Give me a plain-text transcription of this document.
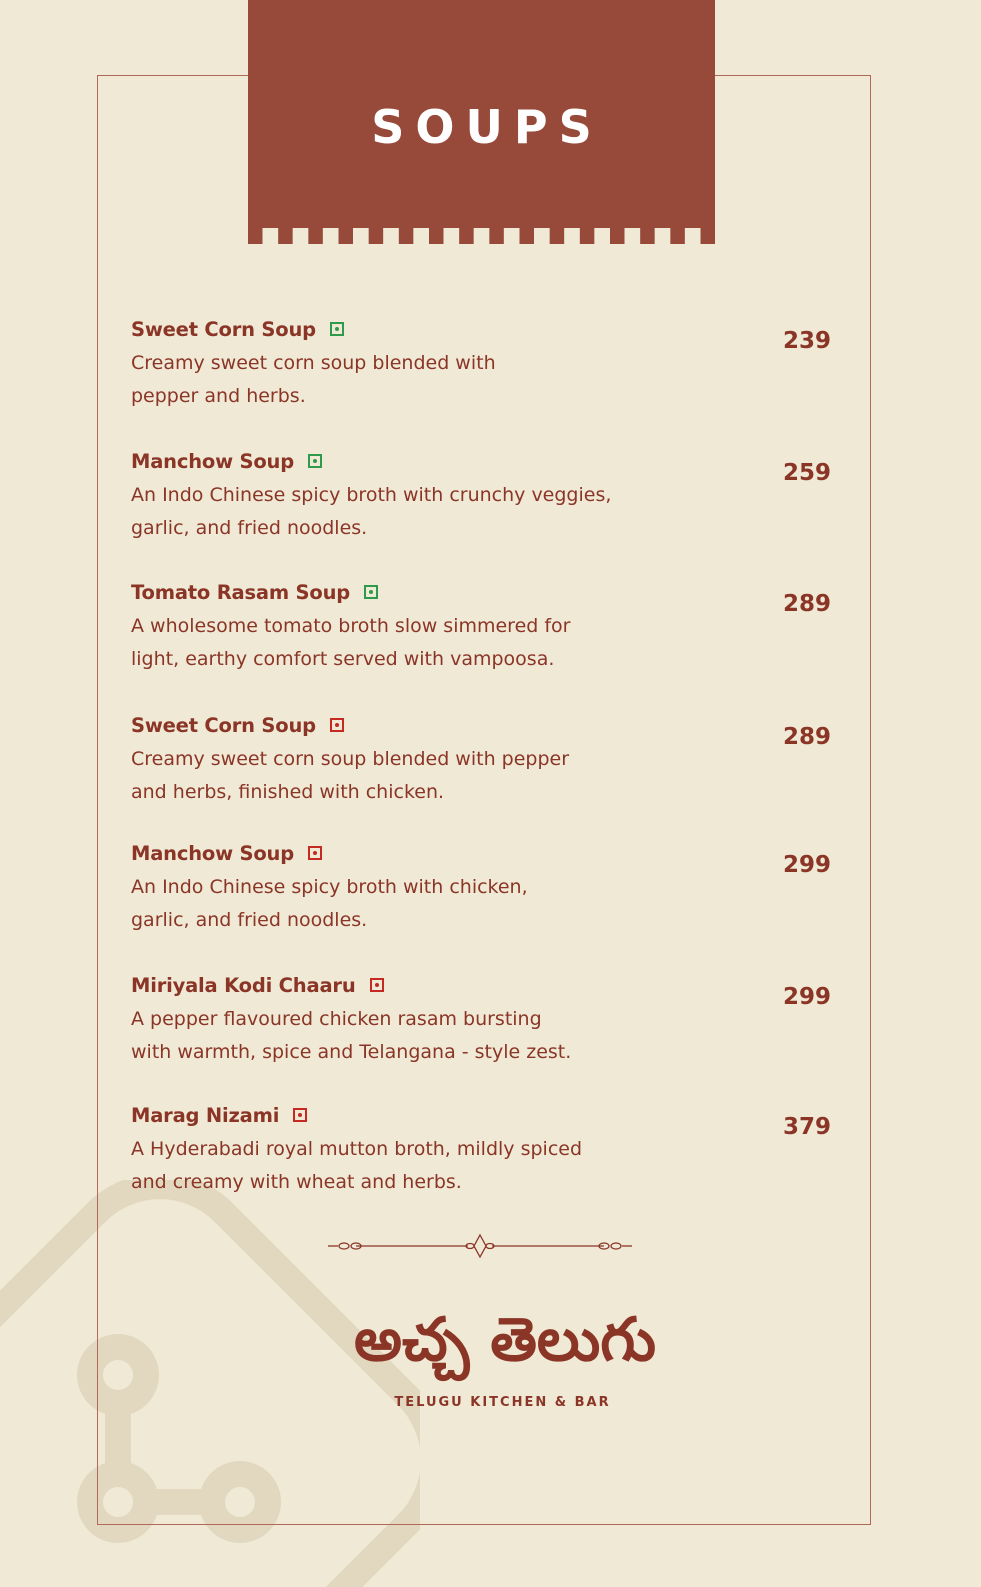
SOUPS
Sweet Corn Soup
Creamy sweet corn soup blended with
pepper and herbs.
239
Manchow Soup
An Indo Chinese spicy broth with crunchy veggies,
garlic, and fried noodles.
259
Tomato Rasam Soup
A wholesome tomato broth slow simmered for
light, earthy comfort served with vampoosa.
289
Sweet Corn Soup
Creamy sweet corn soup blended with pepper
and herbs, finished with chicken.
289
Manchow Soup
An Indo Chinese spicy broth with chicken,
garlic, and fried noodles.
299
Miriyala Kodi Chaaru
A pepper flavoured chicken rasam bursting
with warmth, spice and Telangana - style zest.
299
Marag Nizami
A Hyderabadi royal mutton broth, mildly spiced
and creamy with wheat and herbs.
379
అచ్చ తెలుగు
TELUGU KITCHEN & BAR
